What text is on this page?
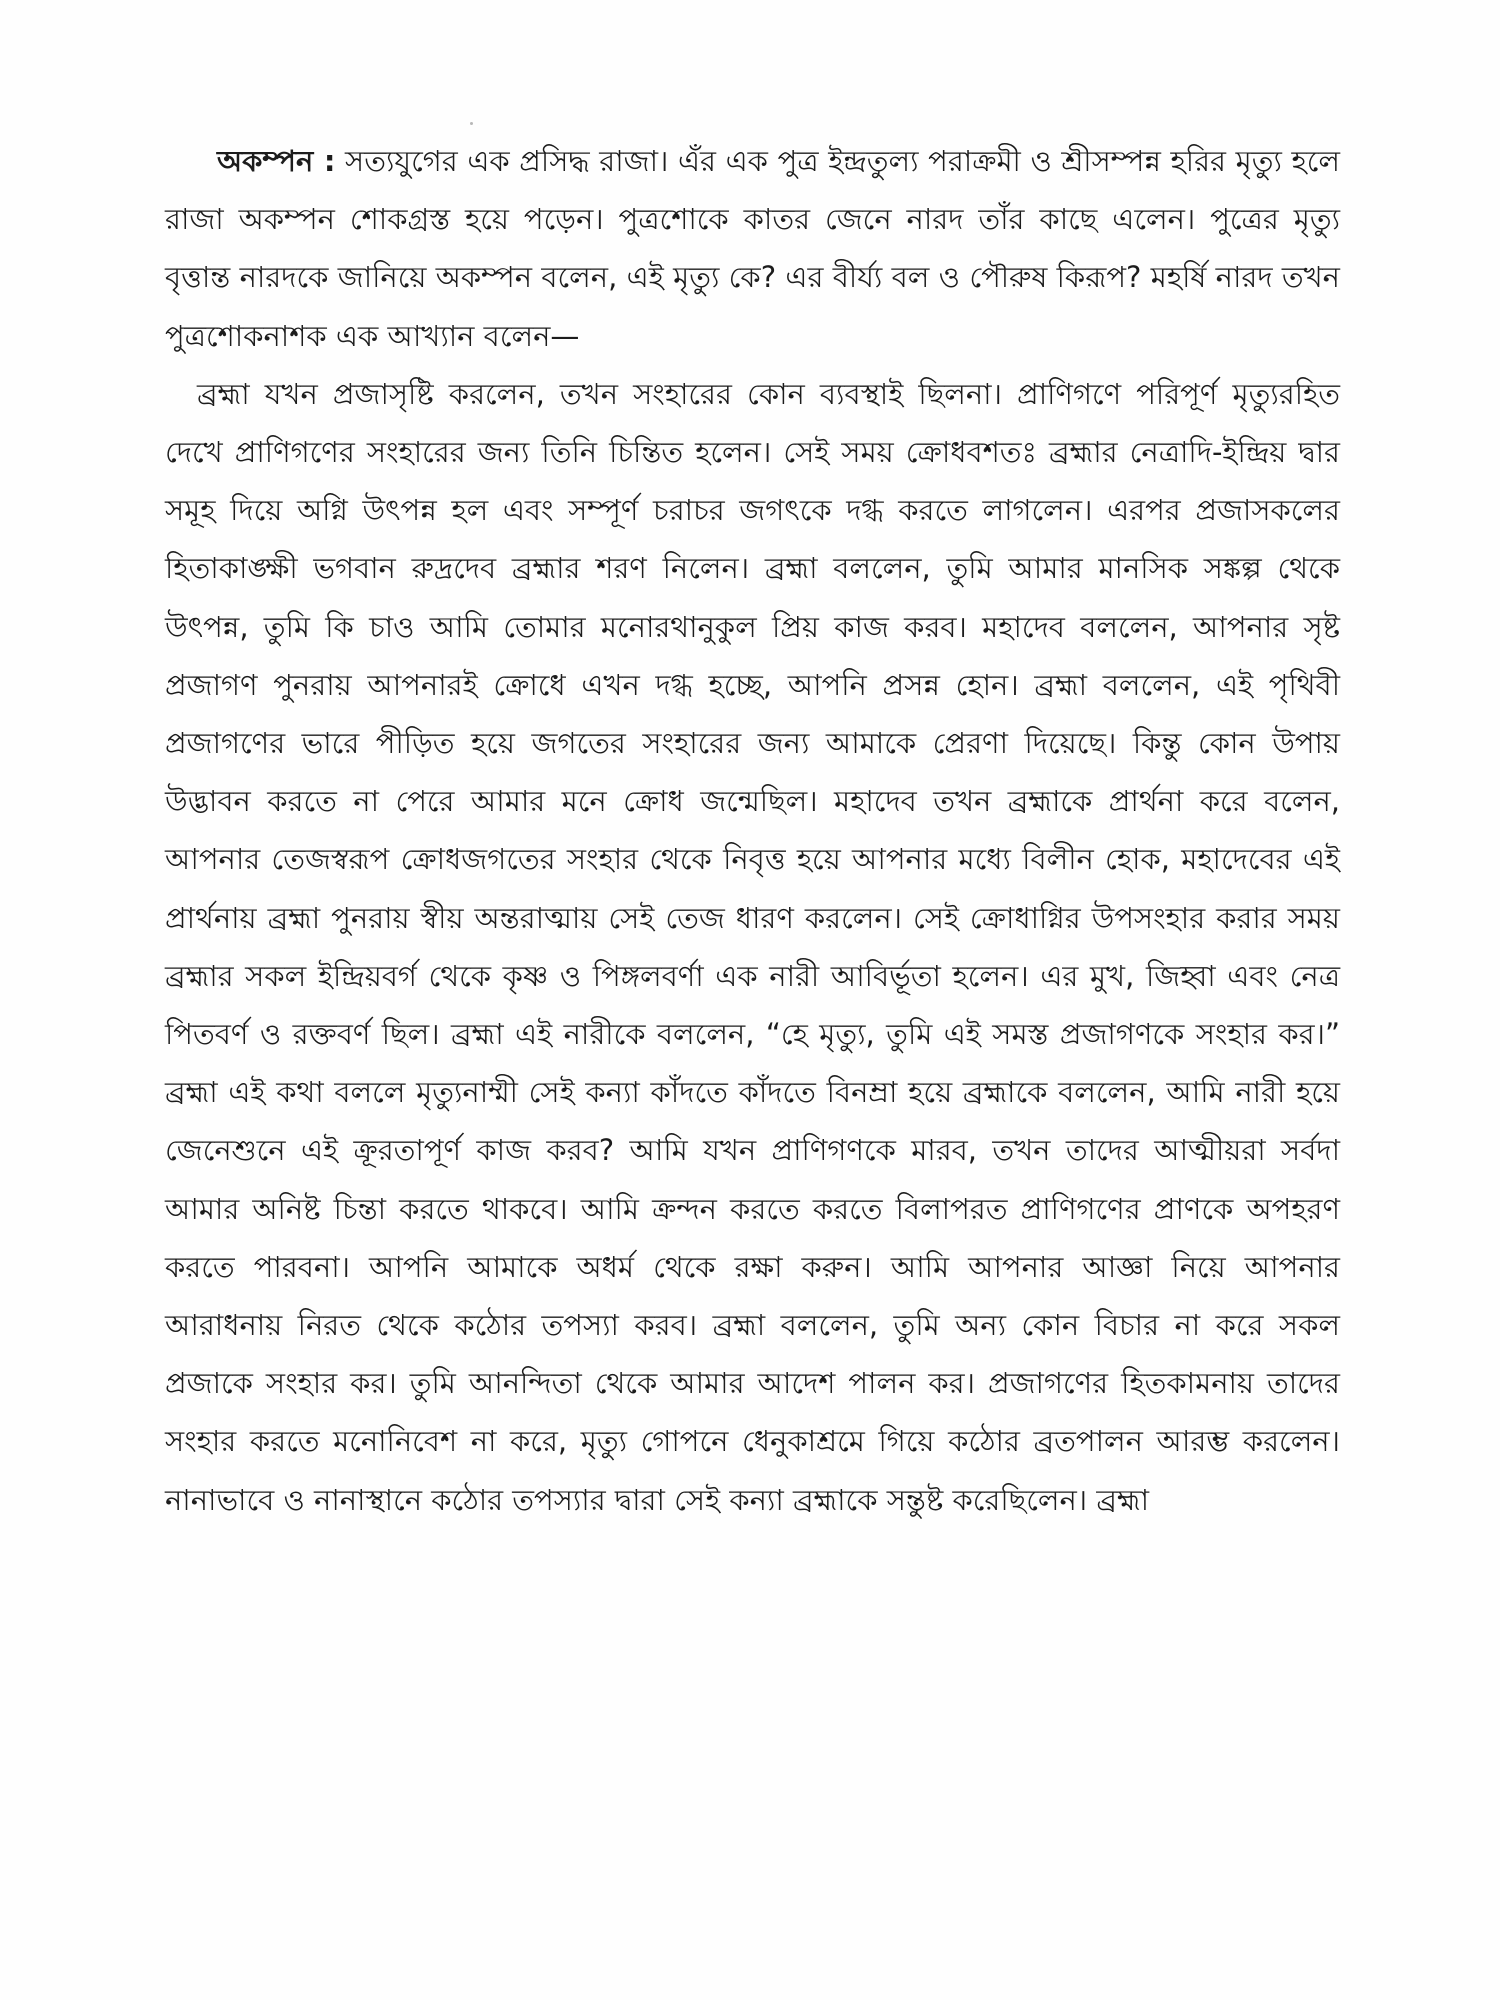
অকম্পন : সত্যযুগের এক প্রসিদ্ধ রাজা। এঁর এক পুত্র ইন্দ্রতুল্য পরাক্রমী ও শ্রীসম্পন্ন হরির মৃত্যু হলে রাজা অকম্পন শোকগ্রস্ত হয়ে পড়েন। পুত্রশোকে কাতর জেনে নারদ তাঁর কাছে এলেন। পুত্রের মৃত্যু বৃত্তান্ত নারদকে জানিয়ে অকম্পন বলেন, এই মৃত্যু কে? এর বীর্য্য বল ও পৌরুষ কিরূপ? মহর্ষি নারদ তখন পুত্রশোকনাশক এক আখ্যান বলেন—

ব্রহ্মা যখন প্রজাসৃষ্টি করলেন, তখন সংহারের কোন ব্যবস্থাই ছিলনা। প্রাণিগণে পরিপূর্ণ মৃত্যুরহিত দেখে প্রাণিগণের সংহারের জন্য তিনি চিন্তিত হলেন। সেই সময় ক্রোধবশতঃ ব্রহ্মার নেত্রাদি-ইন্দ্রিয় দ্বার সমূহ দিয়ে অগ্নি উৎপন্ন হল এবং সম্পূর্ণ চরাচর জগৎকে দগ্ধ করতে লাগলেন। এরপর প্রজাসকলের হিতাকাঙ্ক্ষী ভগবান রুদ্রদেব ব্রহ্মার শরণ নিলেন। ব্রহ্মা বললেন, তুমি আমার মানসিক সঙ্কল্প থেকে উৎপন্ন, তুমি কি চাও আমি তোমার মনোরথানুকুল প্রিয় কাজ করব। মহাদেব বললেন, আপনার সৃষ্ট প্রজাগণ পুনরায় আপনারই ক্রোধে এখন দগ্ধ হচ্ছে, আপনি প্রসন্ন হোন। ব্রহ্মা বললেন, এই পৃথিবী প্রজাগণের ভারে পীড়িত হয়ে জগতের সংহারের জন্য আমাকে প্রেরণা দিয়েছে। কিন্তু কোন উপায় উদ্ভাবন করতে না পেরে আমার মনে ক্রোধ জন্মেছিল। মহাদেব তখন ব্রহ্মাকে প্রার্থনা করে বলেন, আপনার তেজস্বরূপ ক্রোধজগতের সংহার থেকে নিবৃত্ত হয়ে আপনার মধ্যে বিলীন হোক, মহাদেবের এই প্রার্থনায় ব্রহ্মা পুনরায় স্বীয় অন্তরাত্মায় সেই তেজ ধারণ করলেন। সেই ক্রোধাগ্নির উপসংহার করার সময় ব্রহ্মার সকল ইন্দ্রিয়বর্গ থেকে কৃষ্ণ ও পিঙ্গলবর্ণা এক নারী আবির্ভূতা হলেন। এর মুখ, জিহ্বা এবং নেত্র পিতবর্ণ ও রক্তবর্ণ ছিল। ব্রহ্মা এই নারীকে বললেন, “হে মৃত্যু, তুমি এই সমস্ত প্রজাগণকে সংহার কর।” ব্রহ্মা এই কথা বললে মৃত্যুনাম্মী সেই কন্যা কাঁদতে কাঁদতে বিনম্রা হয়ে ব্রহ্মাকে বললেন, আমি নারী হয়ে জেনেশুনে এই ক্রূরতাপূর্ণ কাজ করব? আমি যখন প্রাণিগণকে মারব, তখন তাদের আত্মীয়রা সর্বদা আমার অনিষ্ট চিন্তা করতে থাকবে। আমি ক্রন্দন করতে করতে বিলাপরত প্রাণিগণের প্রাণকে অপহরণ করতে পারবনা। আপনি আমাকে অধর্ম থেকে রক্ষা করুন। আমি আপনার আজ্ঞা নিয়ে আপনার আরাধনায় নিরত থেকে কঠোর তপস্যা করব। ব্রহ্মা বললেন, তুমি অন্য কোন বিচার না করে সকল প্রজাকে সংহার কর। তুমি আনন্দিতা থেকে আমার আদেশ পালন কর। প্রজাগণের হিতকামনায় তাদের সংহার করতে মনোনিবেশ না করে, মৃত্যু গোপনে ধেনুকাশ্রমে গিয়ে কঠোর ব্রতপালন আরম্ভ করলেন। নানাভাবে ও নানাস্থানে কঠোর তপস্যার দ্বারা সেই কন্যা ব্রহ্মাকে সন্তুষ্ট করেছিলেন। ব্রহ্মা
